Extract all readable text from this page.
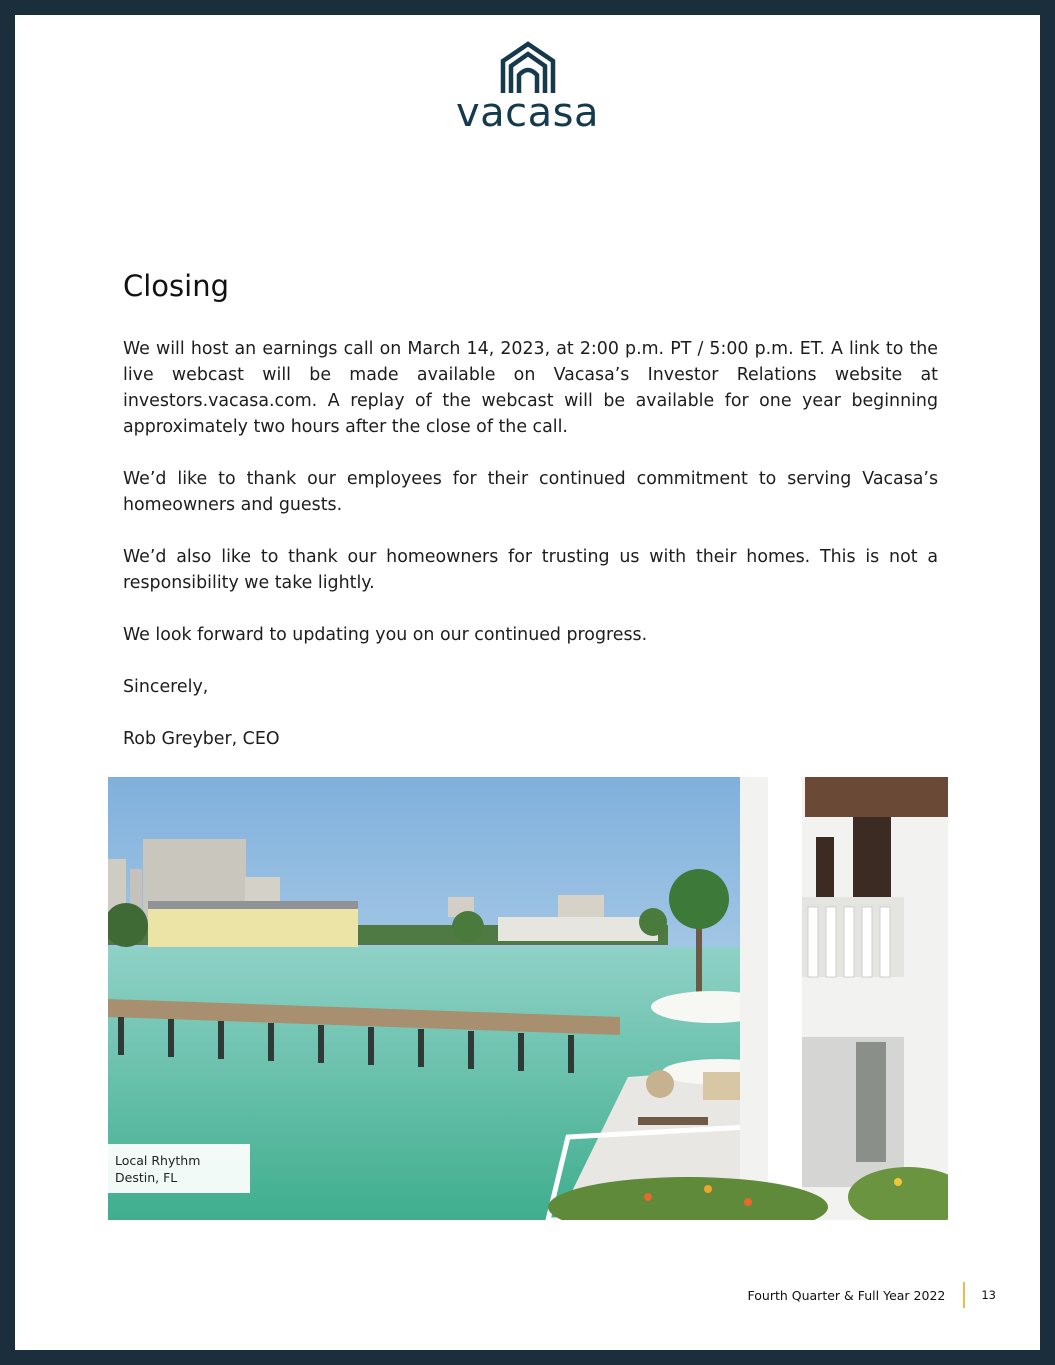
vacasa
Closing

We will host an earnings call on March 14, 2023, at 2:00 p.m. PT / 5:00 p.m. ET. A link to the live webcast will be made available on Vacasa’s Investor Relations website at investors.vacasa.com. A replay of the webcast will be available for one year beginning approximately two hours after the close of the call.

We’d like to thank our employees for their continued commitment to serving Vacasa’s homeowners and guests.

We’d also like to thank our homeowners for trusting us with their homes. This is not a responsibility we take lightly.

We look forward to updating you on our continued progress.

Sincerely,

Rob Greyber, CEO

Local Rhythm
Destin, FL
Fourth Quarter & Full Year 2022	13
